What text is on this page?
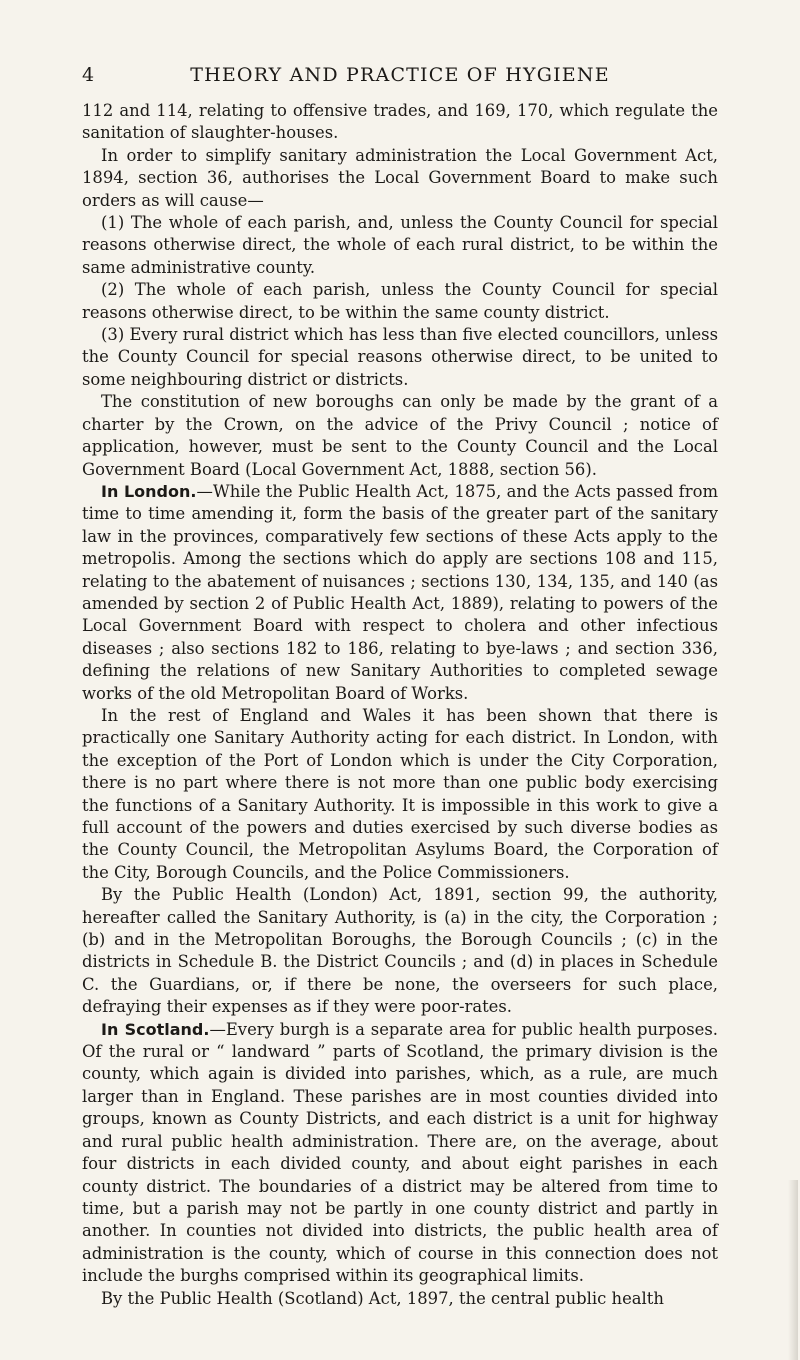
4	THEORY AND PRACTICE OF HYGIENE

112 and 114, relating to offensive trades, and 169, 170, which regulate the sanitation of slaughter-houses.

In order to simplify sanitary administration the Local Government Act, 1894, section 36, authorises the Local Government Board to make such orders as will cause—

(1) The whole of each parish, and, unless the County Council for special reasons otherwise direct, the whole of each rural district, to be within the same administrative county.

(2) The whole of each parish, unless the County Council for special reasons otherwise direct, to be within the same county district.

(3) Every rural district which has less than five elected councillors, unless the County Council for special reasons otherwise direct, to be united to some neighbouring district or districts.

The constitution of new boroughs can only be made by the grant of a charter by the Crown, on the advice of the Privy Council ; notice of application, however, must be sent to the County Council and the Local Government Board (Local Government Act, 1888, section 56).

In London.—While the Public Health Act, 1875, and the Acts passed from time to time amending it, form the basis of the greater part of the sanitary law in the provinces, comparatively few sections of these Acts apply to the metropolis. Among the sections which do apply are sections 108 and 115, relating to the abatement of nuisances ; sections 130, 134, 135, and 140 (as amended by section 2 of Public Health Act, 1889), relating to powers of the Local Government Board with respect to cholera and other infectious diseases ; also sections 182 to 186, relating to bye-laws ; and section 336, defining the relations of new Sanitary Authorities to completed sewage works of the old Metropolitan Board of Works.

In the rest of England and Wales it has been shown that there is practically one Sanitary Authority acting for each district. In London, with the exception of the Port of London which is under the City Corporation, there is no part where there is not more than one public body exercising the functions of a Sanitary Authority. It is impossible in this work to give a full account of the powers and duties exercised by such diverse bodies as the County Council, the Metropolitan Asylums Board, the Corporation of the City, Borough Councils, and the Police Commissioners.

By the Public Health (London) Act, 1891, section 99, the authority, hereafter called the Sanitary Authority, is (a) in the city, the Corporation ; (b) and in the Metropolitan Boroughs, the Borough Councils ; (c) in the districts in Schedule B. the District Councils ; and (d) in places in Schedule C. the Guardians, or, if there be none, the overseers for such place, defraying their expenses as if they were poor-rates.

In Scotland.—Every burgh is a separate area for public health purposes. Of the rural or “ landward ” parts of Scotland, the primary division is the county, which again is divided into parishes, which, as a rule, are much larger than in England. These parishes are in most counties divided into groups, known as County Districts, and each district is a unit for highway and rural public health administration. There are, on the average, about four districts in each divided county, and about eight parishes in each county district. The boundaries of a district may be altered from time to time, but a parish may not be partly in one county district and partly in another. In counties not divided into districts, the public health area of administration is the county, which of course in this connection does not include the burghs comprised within its geographical limits.

By the Public Health (Scotland) Act, 1897, the central public health
